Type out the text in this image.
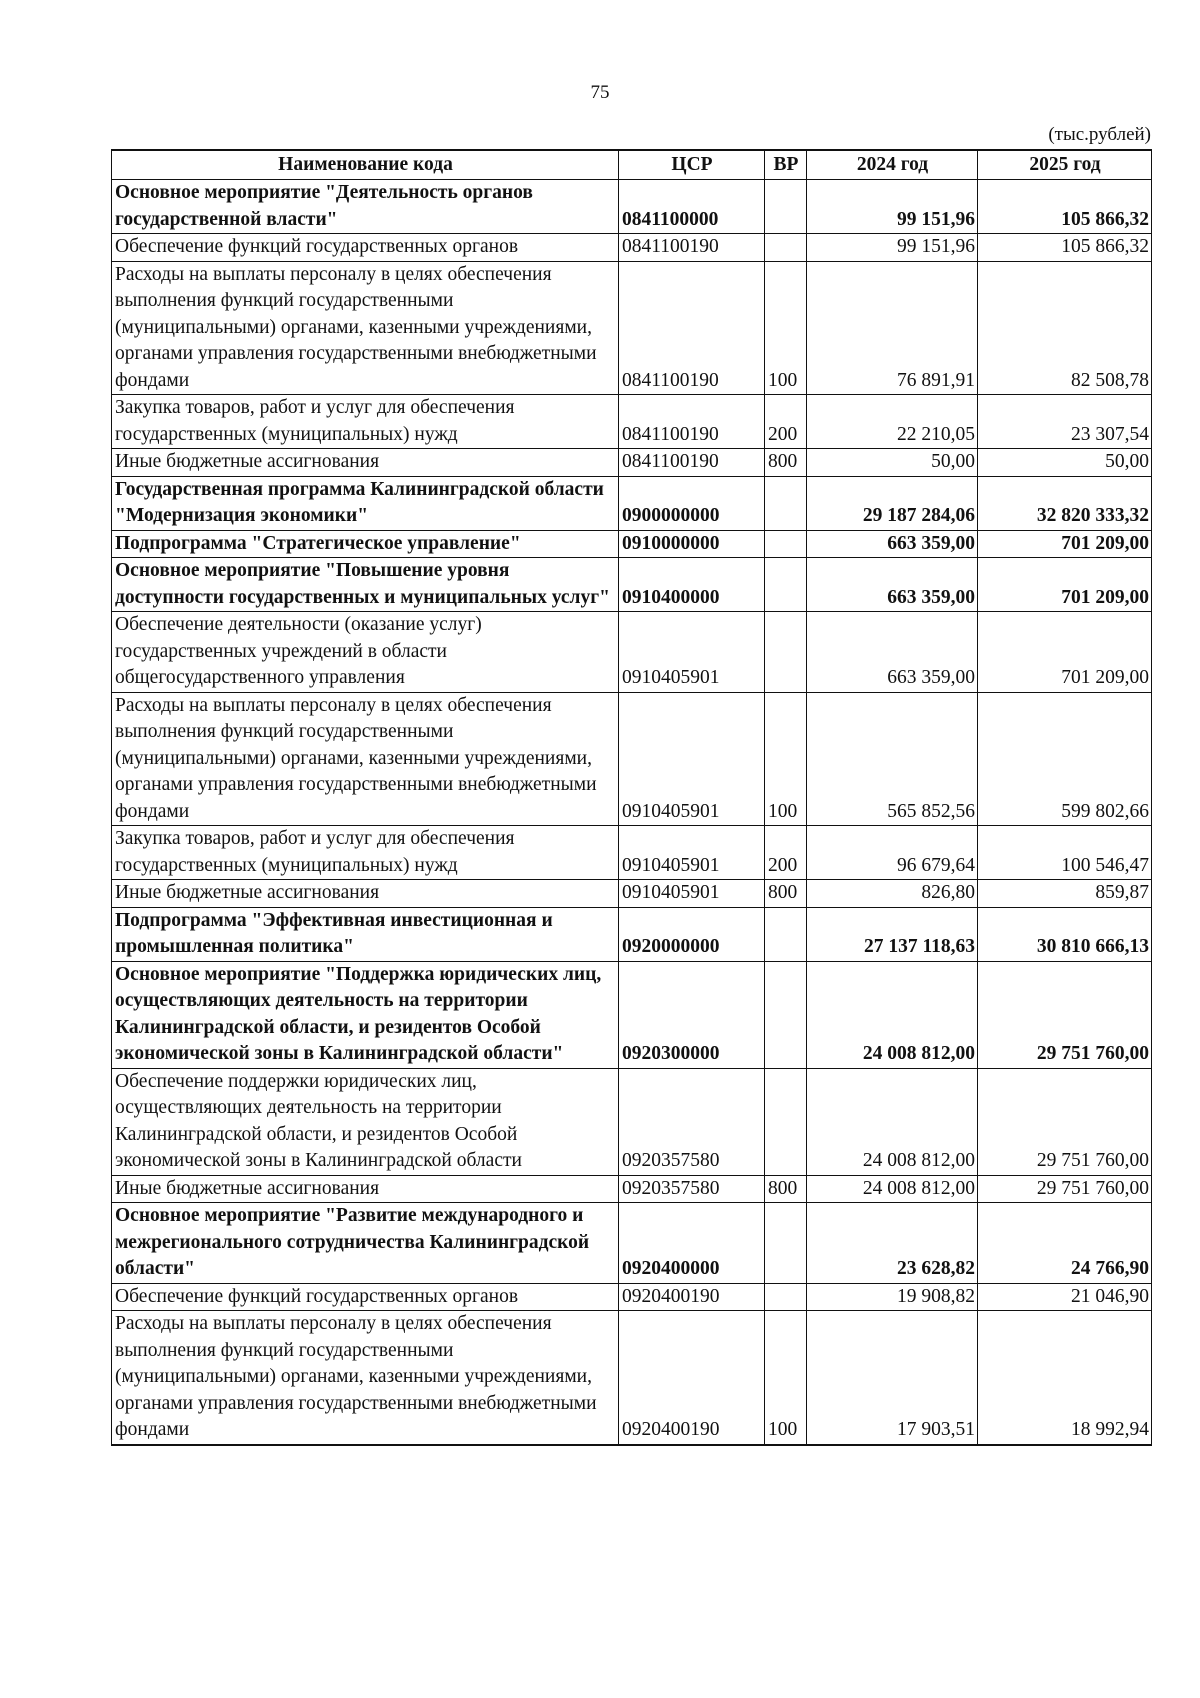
75
(тыс.рублей)
Наименование кода	ЦСР	ВР	2024 год	2025 год
Основное мероприятие "Деятельность органов государственной власти"	0841100000		99 151,96	105 866,32
Обеспечение функций государственных органов	0841100190		99 151,96	105 866,32
Расходы на выплаты персоналу в целях обеспечения выполнения функций государственными (муниципальными) органами, казенными учреждениями, органами управления государственными внебюджетными фондами	0841100190	100	76 891,91	82 508,78
Закупка товаров, работ и услуг для обеспечения государственных (муниципальных) нужд	0841100190	200	22 210,05	23 307,54
Иные бюджетные ассигнования	0841100190	800	50,00	50,00
Государственная программа Калининградской области "Модернизация экономики"	0900000000		29 187 284,06	32 820 333,32
Подпрограмма "Стратегическое управление"	0910000000		663 359,00	701 209,00
Основное мероприятие "Повышение уровня доступности государственных и муниципальных услуг"	0910400000		663 359,00	701 209,00
Обеспечение деятельности (оказание услуг) государственных учреждений в области общегосударственного управления	0910405901		663 359,00	701 209,00
Расходы на выплаты персоналу в целях обеспечения выполнения функций государственными (муниципальными) органами, казенными учреждениями, органами управления государственными внебюджетными фондами	0910405901	100	565 852,56	599 802,66
Закупка товаров, работ и услуг для обеспечения государственных (муниципальных) нужд	0910405901	200	96 679,64	100 546,47
Иные бюджетные ассигнования	0910405901	800	826,80	859,87
Подпрограмма "Эффективная инвестиционная и промышленная политика"	0920000000		27 137 118,63	30 810 666,13
Основное мероприятие "Поддержка юридических лиц, осуществляющих деятельность на территории Калининградской области, и резидентов Особой экономической зоны в Калининградской области"	0920300000		24 008 812,00	29 751 760,00
Обеспечение поддержки юридических лиц, осуществляющих деятельность на территории Калининградской области, и резидентов Особой экономической зоны в Калининградской области	0920357580		24 008 812,00	29 751 760,00
Иные бюджетные ассигнования	0920357580	800	24 008 812,00	29 751 760,00
Основное мероприятие "Развитие международного и межрегионального сотрудничества Калининградской области"	0920400000		23 628,82	24 766,90
Обеспечение функций государственных органов	0920400190		19 908,82	21 046,90
Расходы на выплаты персоналу в целях обеспечения выполнения функций государственными (муниципальными) органами, казенными учреждениями, органами управления государственными внебюджетными фондами	0920400190	100	17 903,51	18 992,94
